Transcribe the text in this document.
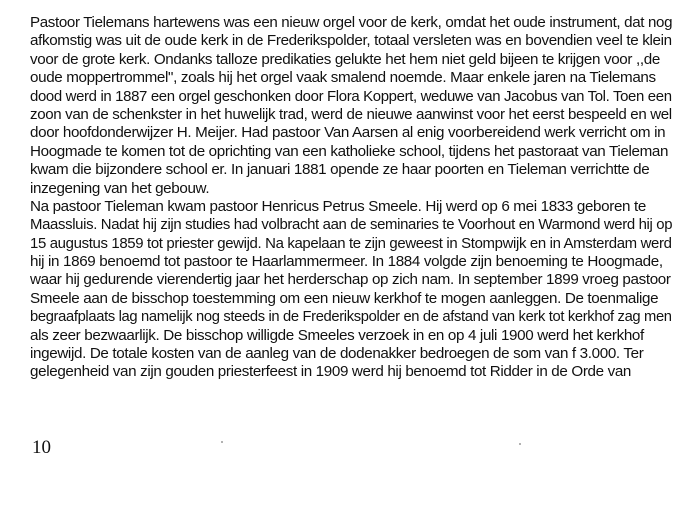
Pastoor Tielemans hartewens was een nieuw orgel voor de kerk, omdat het oude instrument, dat nog
afkomstig was uit de oude kerk in de Frederikspolder, totaal versleten was en bovendien veel te klein
voor de grote kerk. Ondanks talloze predikaties gelukte het hem niet geld bijeen te krijgen voor ,,de
oude moppertrommel", zoals hij het orgel vaak smalend noemde. Maar enkele jaren na Tielemans
dood werd in 1887 een orgel geschonken door Flora Koppert, weduwe van Jacobus van Tol. Toen een
zoon van de schenkster in het huwelijk trad, werd de nieuwe aanwinst voor het eerst bespeeld en wel
door hoofdonderwijzer H. Meijer. Had pastoor Van Aarsen al enig voorbereidend werk verricht om in
Hoogmade te komen tot de oprichting van een katholieke school, tijdens het pastoraat van Tieleman
kwam die bijzondere school er. In januari 1881 opende ze haar poorten en Tieleman verrichtte de
inzegening van het gebouw.
Na pastoor Tieleman kwam pastoor Henricus Petrus Smeele. Hij werd op 6 mei 1833 geboren te
Maassluis. Nadat hij zijn studies had volbracht aan de seminaries te Voorhout en Warmond werd hij op
15 augustus 1859 tot priester gewijd. Na kapelaan te zijn geweest in Stompwijk en in Amsterdam werd
hij in 1869 benoemd tot pastoor te Haarlammermeer. In 1884 volgde zijn benoeming te Hoogmade,
waar hij gedurende vierendertig jaar het herderschap op zich nam. In september 1899 vroeg pastoor
Smeele aan de bisschop toestemming om een nieuw kerkhof te mogen aanleggen. De toenmalige
begraafplaats lag namelijk nog steeds in de Frederikspolder en de afstand van kerk tot kerkhof zag men
als zeer bezwaarlijk. De bisschop willigde Smeeles verzoek in en op 4 juli 1900 werd het kerkhof
ingewijd. De totale kosten van de aanleg van de dodenakker bedroegen de som van f 3.000. Ter
gelegenheid van zijn gouden priesterfeest in 1909 werd hij benoemd tot Ridder in de Orde van
10
